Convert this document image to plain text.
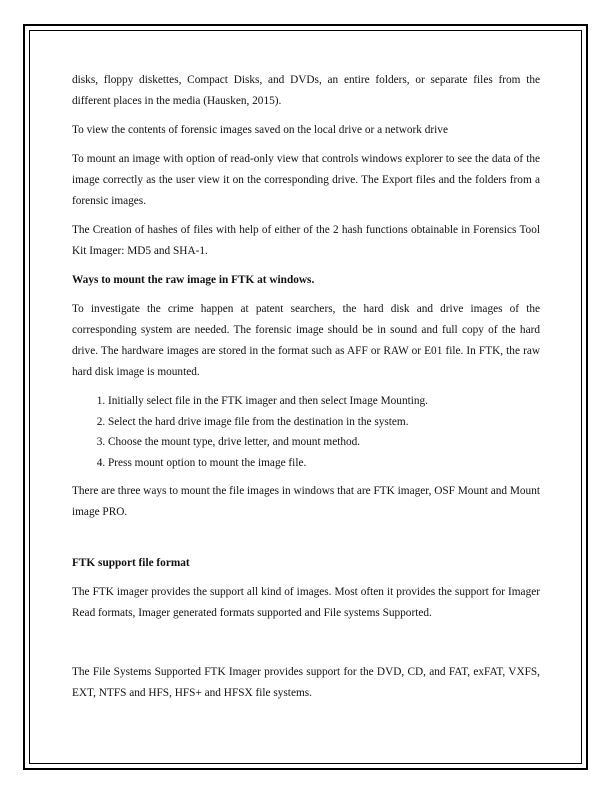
disks, floppy diskettes, Compact Disks, and DVDs, an entire folders, or separate files from the different places in the media (Hausken, 2015).

To view the contents of forensic images saved on the local drive or a network drive

To mount an image with option of read-only view that controls windows explorer to see the data of the image correctly as the user view it on the corresponding drive. The Export files and the folders from a forensic images.

The Creation of hashes of files with help of either of the 2 hash functions obtainable in Forensics Tool Kit Imager: MD5 and SHA-1.

Ways to mount the raw image in FTK at windows.

To investigate the crime happen at patent searchers, the hard disk and drive images of the corresponding system are needed. The forensic image should be in sound and full copy of the hard drive. The hardware images are stored in the format such as AFF or RAW or E01 file. In FTK, the raw hard disk image is mounted.

1. Initially select file in the FTK imager and then select Image Mounting.
2. Select the hard drive image file from the destination in the system.
3. Choose the mount type, drive letter, and mount method.
4. Press mount option to mount the image file.

There are three ways to mount the file images in windows that are FTK imager, OSF Mount and Mount image PRO.

FTK support file format

The FTK imager provides the support all kind of images. Most often it provides the support for Imager Read formats, Imager generated formats supported and File systems Supported.

The File Systems Supported FTK Imager provides support for the DVD, CD, and FAT, exFAT, VXFS, EXT, NTFS and HFS, HFS+ and HFSX file systems.
